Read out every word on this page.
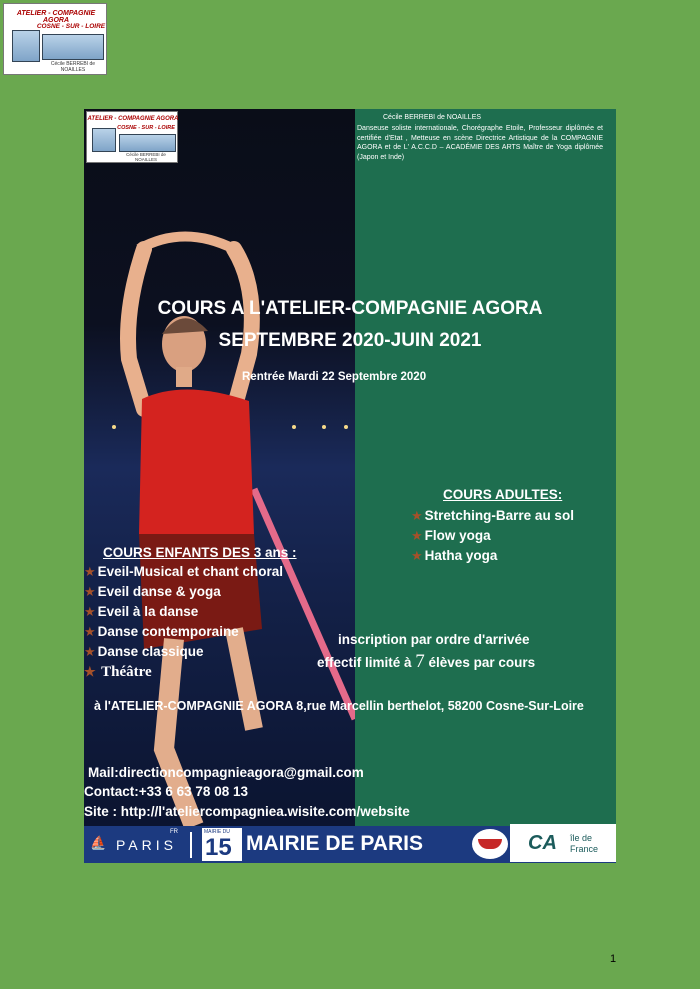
ATELIER - COMPAGNIE AGORA
COSNE - SUR - LOIRE
Cécile BERREBI de NOAILLES
ATELIER - COMPAGNIE AGORA
COSNE - SUR - LOIRE
Cécile BERREBI de NOAILLES
Cécile BERREBI de NOAILLES
Danseuse soliste internationale, Chorégraphe Etoile, Professeur diplômée et certifiée d'Etat , Metteuse en scène Directrice Artistique de la COMPAGNIE AGORA et de L' A.C.C.D – ACADÉMIE DES ARTS Maître de Yoga diplômée (Japon et Inde)
COURS A L'ATELIER-COMPAGNIE AGORA
SEPTEMBRE 2020-JUIN 2021
Rentrée Mardi 22 Septembre 2020
COURS ADULTES:
★ Stretching-Barre au sol
★ Flow yoga
★ Hatha yoga
COURS ENFANTS DES 3 ans :
★ Eveil-Musical et chant choral
★ Eveil danse & yoga
★ Eveil à la danse
★ Danse contemporaine
★ Danse classique
★ Théâtre
inscription par ordre d'arrivée
effectif limité à 7 élèves par cours
à l'ATELIER-COMPAGNIE AGORA 8,rue Marcellin berthelot, 58200 Cosne-Sur-Loire
Mail:directioncompagnieagora@gmail.com
Contact:+33 6 63 78 08 13
Site : http://l'ateliercompagniea.wisite.com/website
⛵ PARIS
FR	MAIRIE DU
15 MAIRIE DE PARIS	CA île de
France
1
